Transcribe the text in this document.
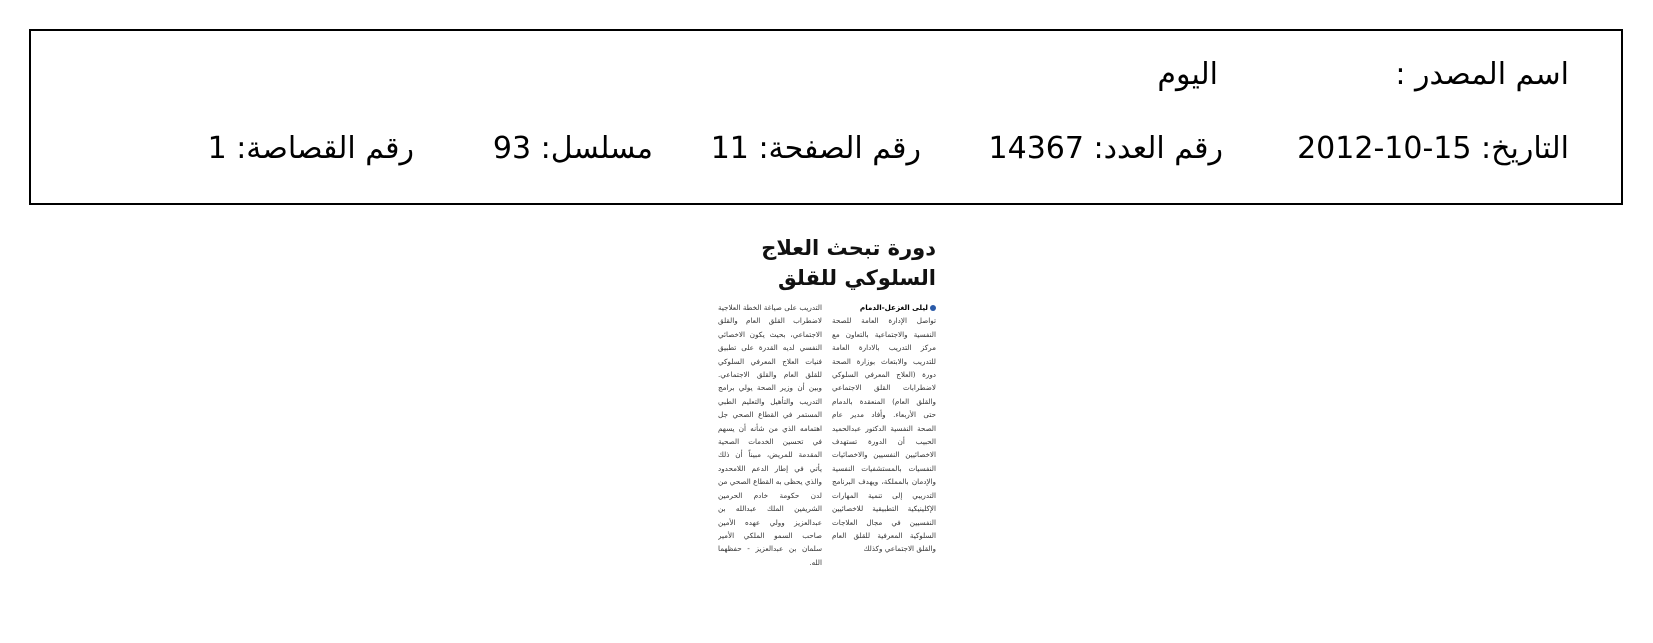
اسم المصدر :
اليوم
التاريخ: 15-10-2012
رقم العدد: 14367
رقم الصفحة: 11
مسلسل: 93
رقم القصاصة: 1
دورة تبحث العلاج
السلوكي للقلق
ليلى الغزعل-الدمام
تواصل الإدارة العامة للصحة النفسية والاجتماعية بالتعاون مع مركز التدريب بالادارة العامة للتدريب والابتعاث بوزارة الصحة دورة (العلاج المعرفي السلوكي لاضطرابات القلق الاجتماعي والقلق العام) المنعقدة بالدمام حتى الأربعاء. وأفاد مدير عام الصحة النفسية الدكتور عبدالحميد الحبيب أن الدورة تستهدف الاخصائيين النفسيين والاخصائيات النفسيات بالمستشفيات النفسية والإدمان بالمملكة، ويهدف البرنامج التدريبي إلى تنمية المهارات الإكلينيكية التطبيقية للاخصائيين النفسيين في مجال العلاجات السلوكية المعرفية للقلق العام والقلق الاجتماعي وكذلك
التدريب على صياغة الخطة العلاجية لاضطراب القلق العام والقلق الاجتماعي، بحيث يكون الاخصائي النفسي لديه القدرة على تطبيق فنيات العلاج المعرفي السلوكي للقلق العام والقلق الاجتماعي. وبين أن وزير الصحة يولي برامج التدريب والتأهيل والتعليم الطبي المستمر في القطاع الصحي جل اهتمامه الذي من شأنه أن يسهم في تحسين الخدمات الصحية المقدمة للمريض، مبيناً أن ذلك يأتي في إطار الدعم اللامحدود والذي يحظى به القطاع الصحي من لدن حكومة خادم الحرمين الشريفين الملك عبدالله بن عبدالعزيز وولي عهده الأمين صاحب السمو الملكي الأمير سلمان بن عبدالعزيز - حفظهما الله.
